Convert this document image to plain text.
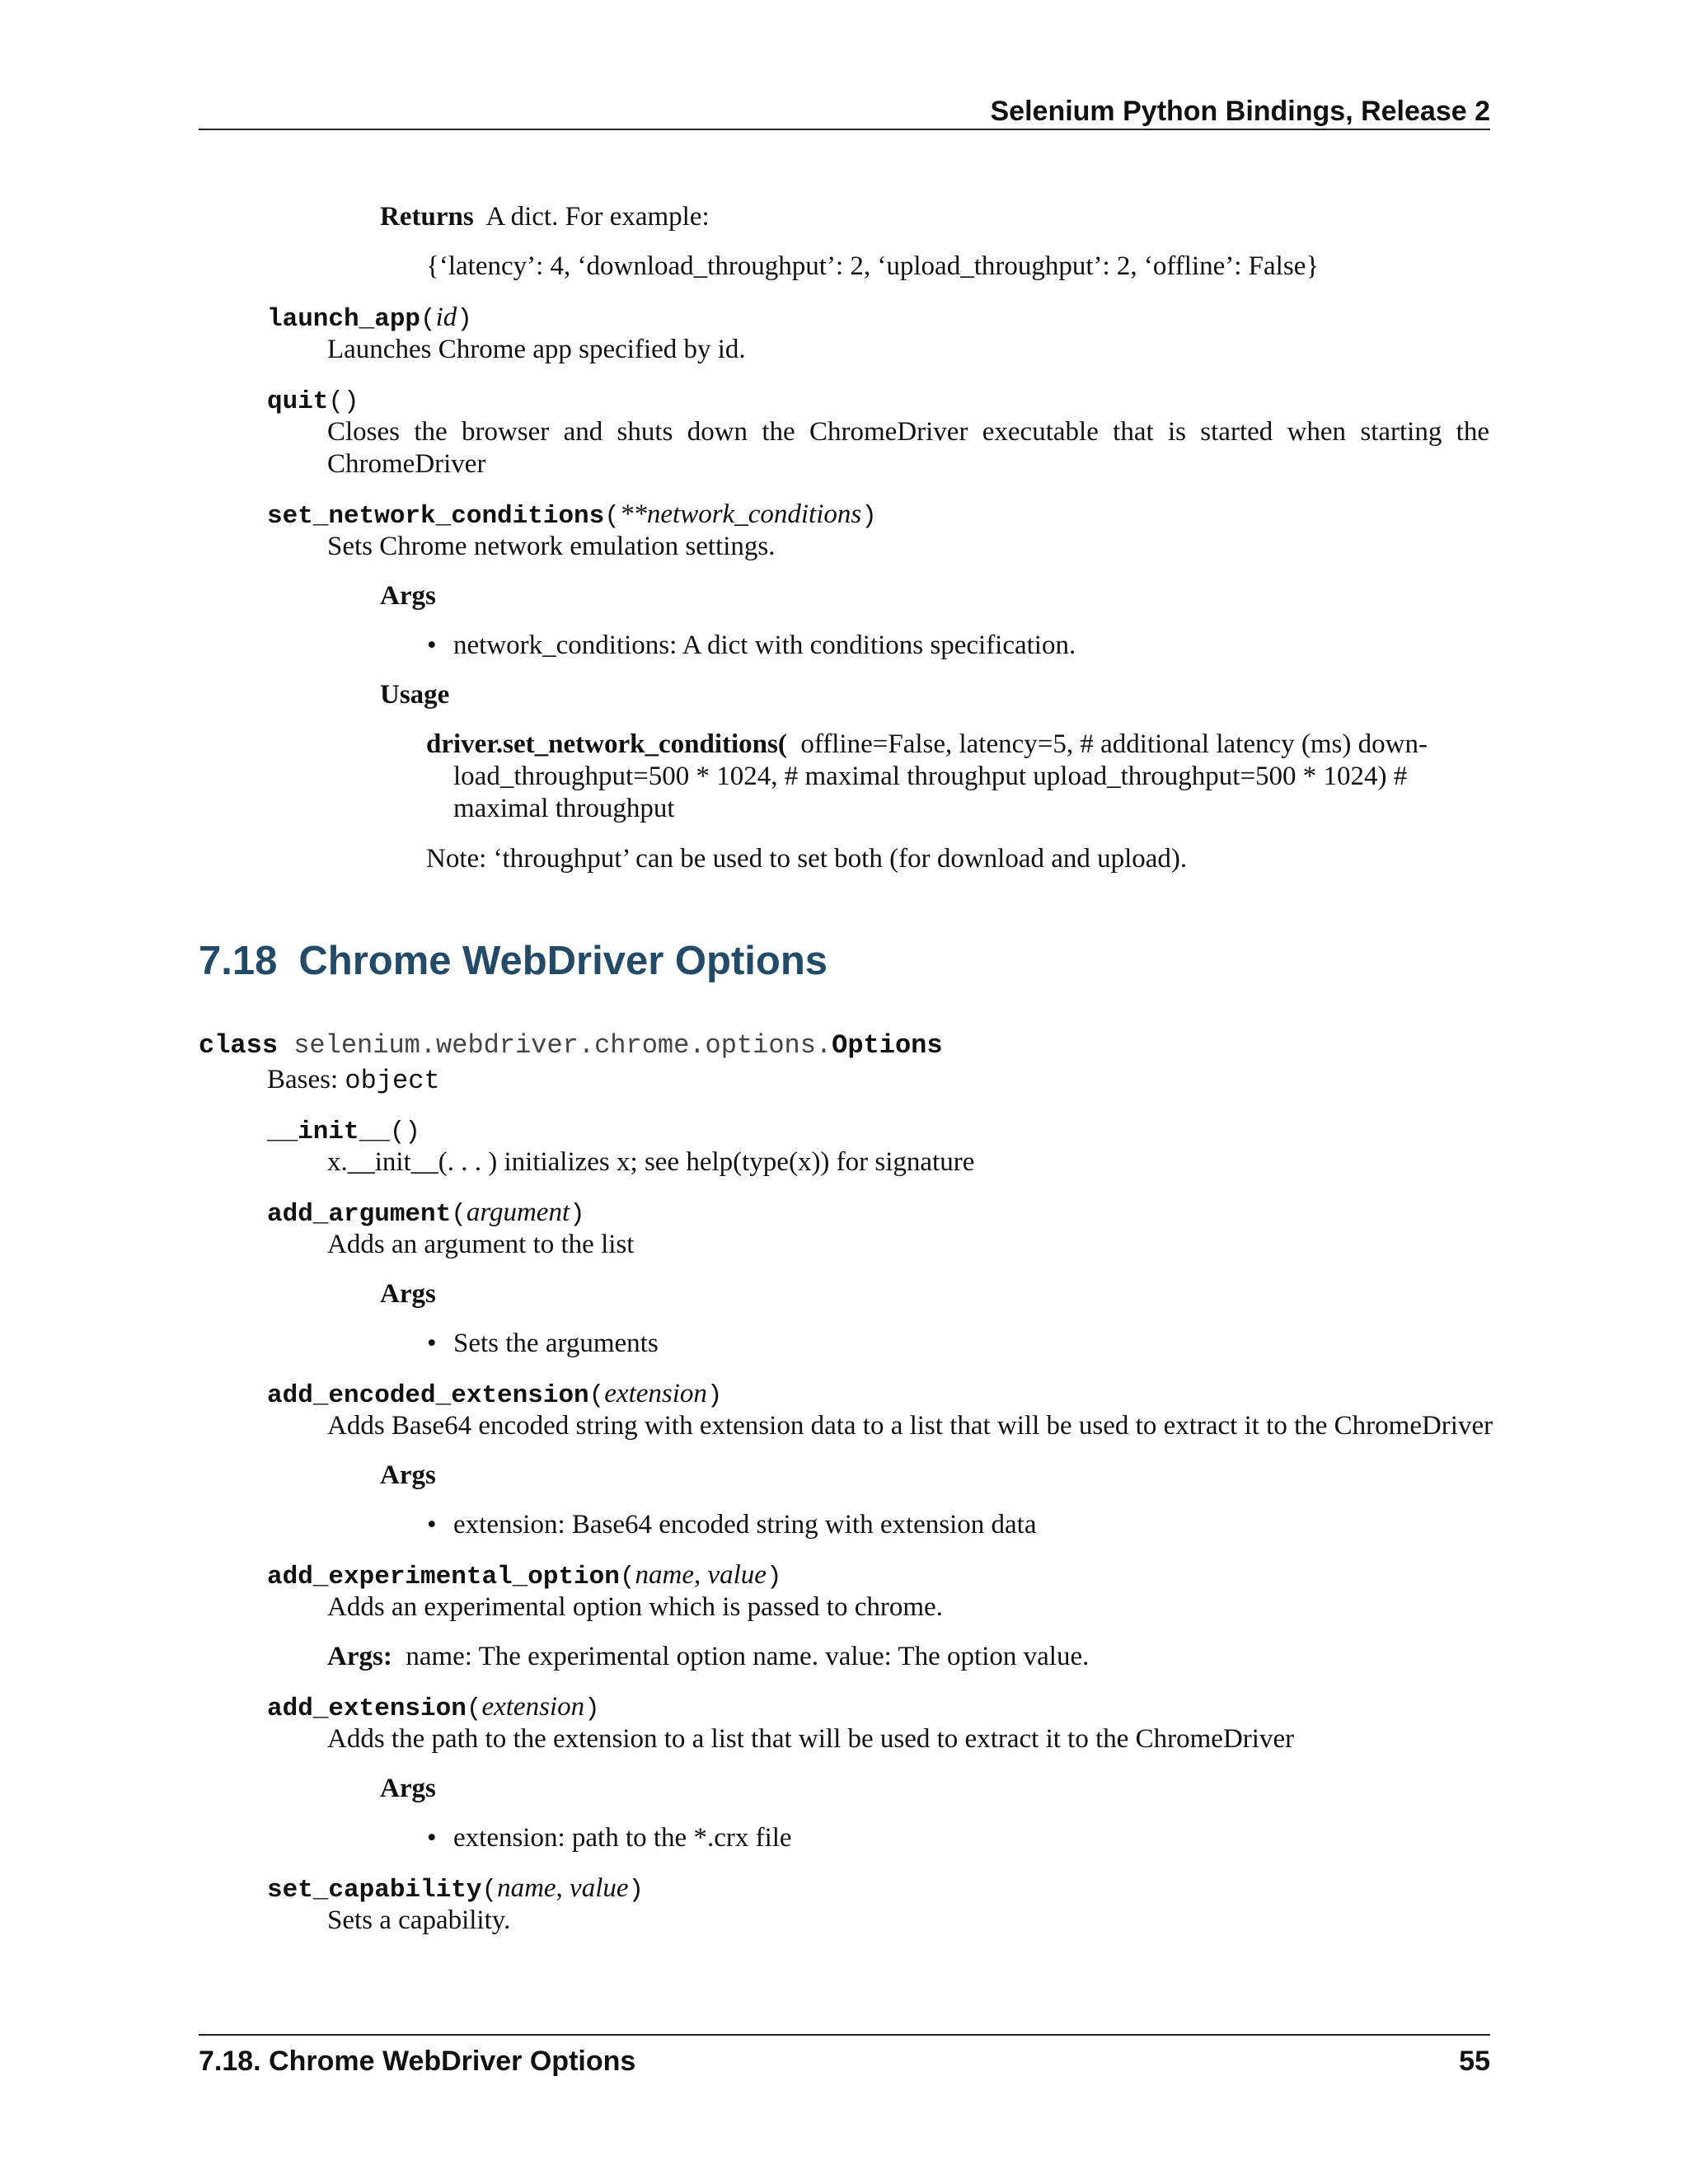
Selenium Python Bindings, Release 2
Returns A dict. For example:
{‘latency’: 4, ‘download_throughput’: 2, ‘upload_throughput’: 2, ‘offline’: False}
launch_app(id)
Launches Chrome app specified by id.
quit()
Closes the browser and shuts down the ChromeDriver executable that is started when starting the
ChromeDriver
set_network_conditions(**network_conditions)
Sets Chrome network emulation settings.
Args
• network_conditions: A dict with conditions specification.
Usage
driver.set_network_conditions( offline=False, latency=5, # additional latency (ms) down-
load_throughput=500 * 1024, # maximal throughput upload_throughput=500 * 1024) #
maximal throughput
Note: ‘throughput’ can be used to set both (for download and upload).
7.18 Chrome WebDriver Options
class selenium.webdriver.chrome.options.Options
Bases: object
__init__()
x.__init__(. . . ) initializes x; see help(type(x)) for signature
add_argument(argument)
Adds an argument to the list
Args
• Sets the arguments
add_encoded_extension(extension)
Adds Base64 encoded string with extension data to a list that will be used to extract it to the ChromeDriver
Args
• extension: Base64 encoded string with extension data
add_experimental_option(name, value)
Adds an experimental option which is passed to chrome.
Args: name: The experimental option name. value: The option value.
add_extension(extension)
Adds the path to the extension to a list that will be used to extract it to the ChromeDriver
Args
• extension: path to the *.crx file
set_capability(name, value)
Sets a capability.
7.18. Chrome WebDriver Options	55
